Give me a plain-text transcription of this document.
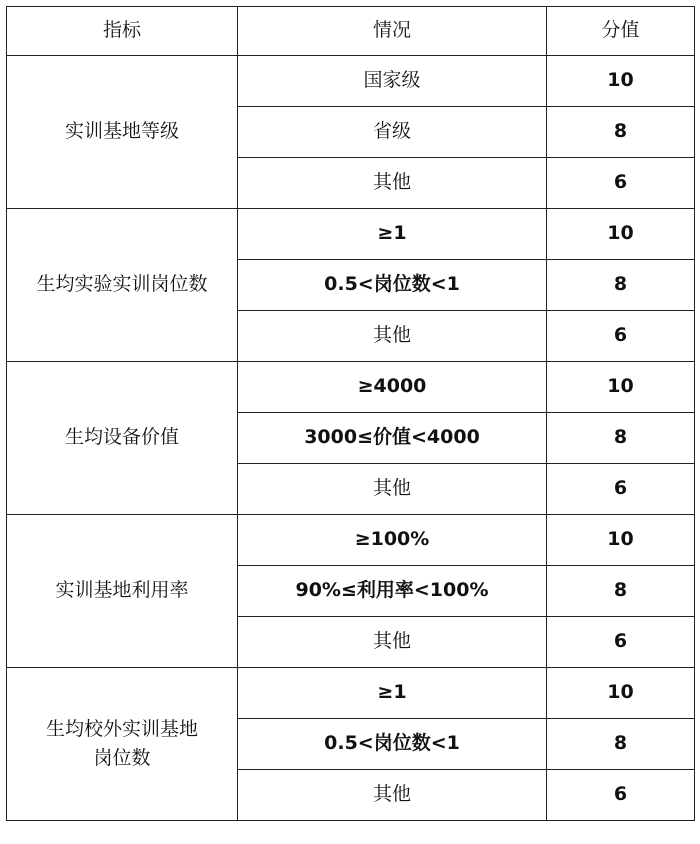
指标	情况	分值
实训基地等级	国家级	10
	省级	8
	其他	6
生均实验实训岗位数	≥1	10
	0.5<岗位数<1	8
	其他	6
生均设备价值	≥4000	10
	3000≤价值<4000	8
	其他	6
实训基地利用率	≥100%	10
	90%≤利用率<100%	8
	其他	6
生均校外实训基地
岗位数	≥1	10
	0.5<岗位数<1	8
	其他	6
